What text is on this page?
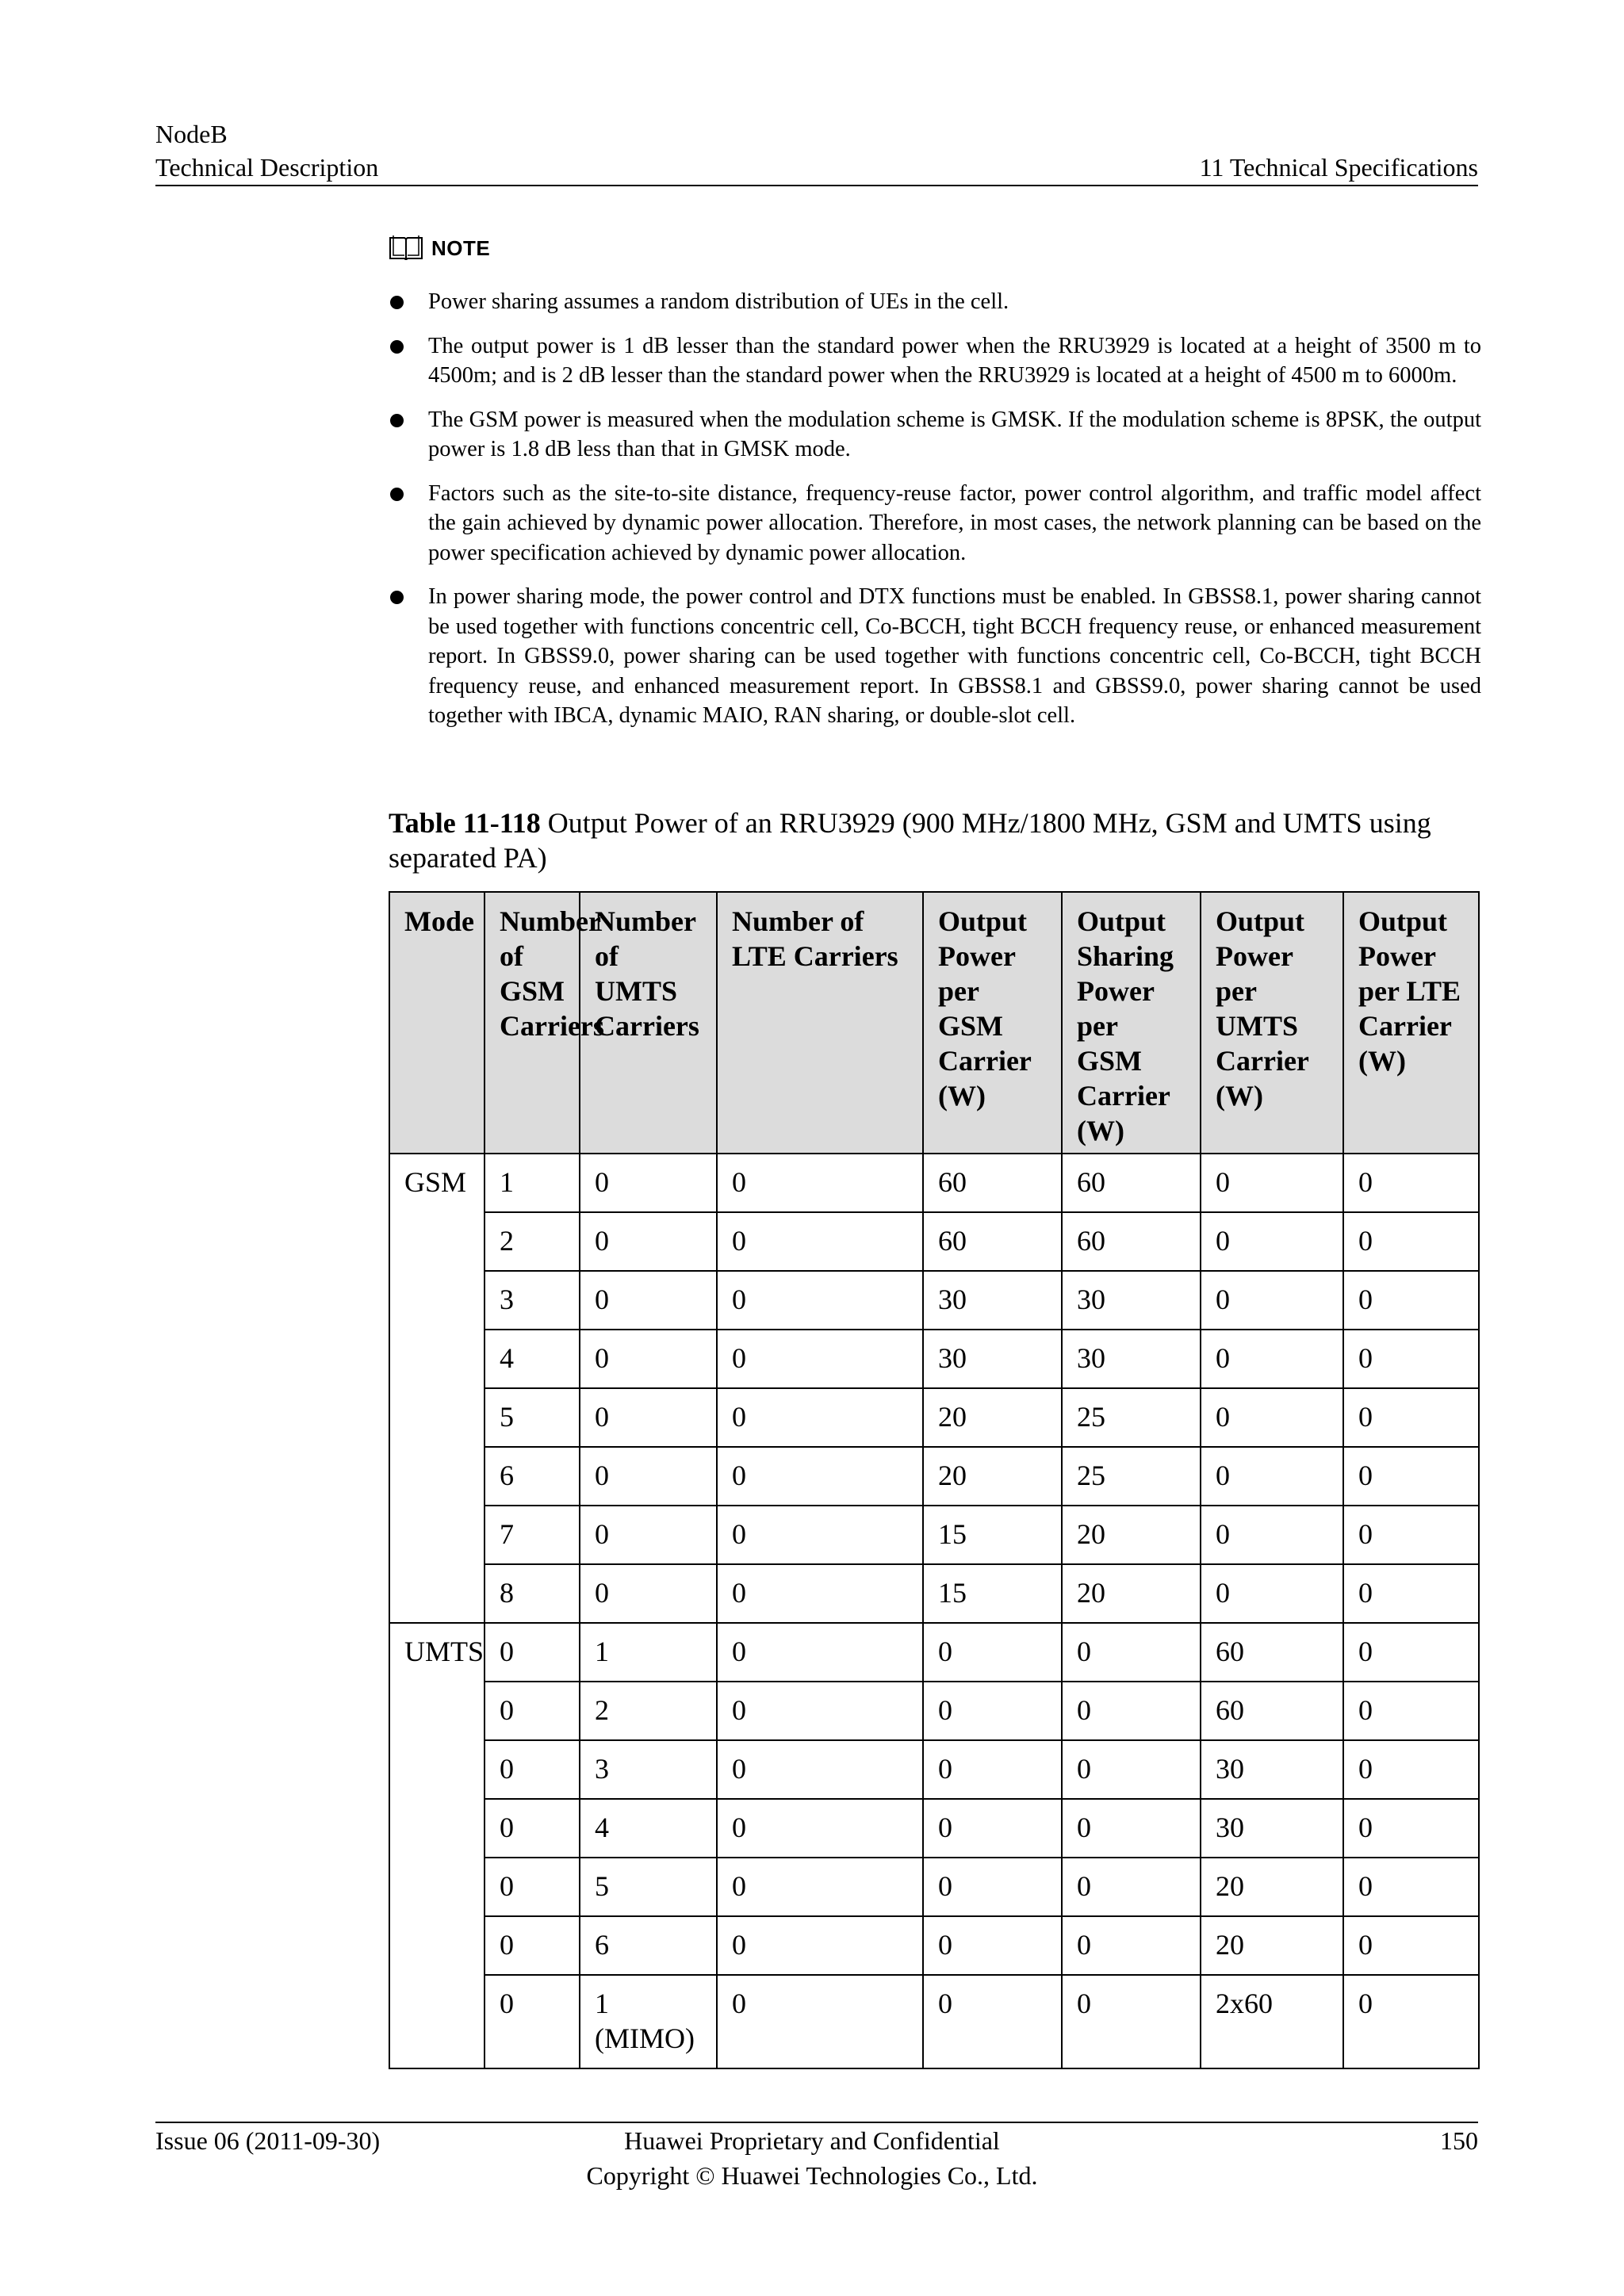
NodeB
Technical Description	11 Technical Specifications
NOTE
Power sharing assumes a random distribution of UEs in the cell.
The output power is 1 dB lesser than the standard power when the RRU3929 is located at a height of 3500 m to 4500m; and is 2 dB lesser than the standard power when the RRU3929 is located at a height of 4500 m to 6000m.
The GSM power is measured when the modulation scheme is GMSK. If the modulation scheme is 8PSK, the output power is 1.8 dB less than that in GMSK mode.
Factors such as the site-to-site distance, frequency-reuse factor, power control algorithm, and traffic model affect the gain achieved by dynamic power allocation. Therefore, in most cases, the network planning can be based on the power specification achieved by dynamic power allocation.
In power sharing mode, the power control and DTX functions must be enabled. In GBSS8.1, power sharing cannot be used together with functions concentric cell, Co-BCCH, tight BCCH frequency reuse, or enhanced measurement report. In GBSS9.0, power sharing can be used together with functions concentric cell, Co-BCCH, tight BCCH frequency reuse, and enhanced measurement report. In GBSS8.1 and GBSS9.0, power sharing cannot be used together with IBCA, dynamic MAIO, RAN sharing, or double-slot cell.
Table 11-118 Output Power of an RRU3929 (900 MHz/1800 MHz, GSM and UMTS using separated PA)
Mode	Number of GSM Carriers	Number of UMTS Carriers	Number of LTE Carriers	Output Power per GSM Carrier (W)	Output Sharing Power per GSM Carrier (W)	Output Power per UMTS Carrier (W)	Output Power per LTE Carrier (W)
GSM	1	0	0	60	60	0	0
	2	0	0	60	60	0	0
	3	0	0	30	30	0	0
	4	0	0	30	30	0	0
	5	0	0	20	25	0	0
	6	0	0	20	25	0	0
	7	0	0	15	20	0	0
	8	0	0	15	20	0	0
UMTS	0	1	0	0	0	60	0
	0	2	0	0	0	60	0
	0	3	0	0	0	30	0
	0	4	0	0	0	30	0
	0	5	0	0	0	20	0
	0	6	0	0	0	20	0
	0	1 (MIMO)	0	0	0	2x60	0
Issue 06 (2011-09-30)	Huawei Proprietary and Confidential
Copyright © Huawei Technologies Co., Ltd.
150
